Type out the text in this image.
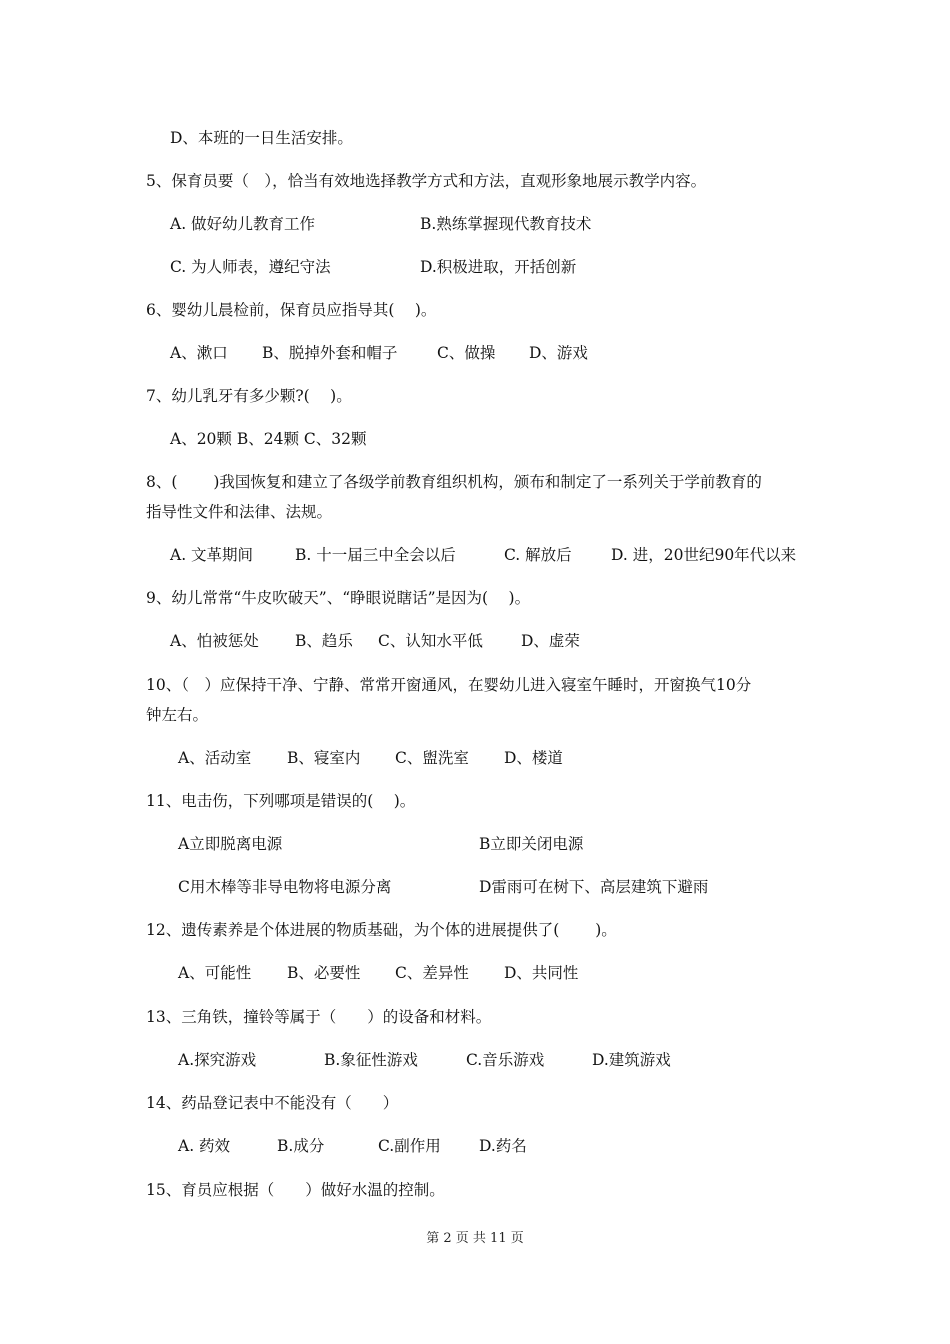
D、本班的一日生活安排。
5、保育员要（　），恰当有效地选择教学方式和方法，直观形象地展示教学内容。
A. 做好幼儿教育工作	B.熟练掌握现代教育技术
C. 为人师表，遵纪守法	D.积极进取，开括创新
6、婴幼儿晨检前，保育员应指导其(　 )。
A、漱口 B、脱掉外套和帽子	C、做操 D、游戏
7、幼儿乳牙有多少颗?(　 )。
A、20颗 B、24颗 C、32颗
8、(　　 )我国恢复和建立了各级学前教育组织机构，颁布和制定了一系列关于学前教育的
指导性文件和法律、法规。
A. 文革期间	B. 十一届三中全会以后	C. 解放后	D. 进，20世纪90年代以来
9、幼儿常常“牛皮吹破天”、“睁眼说瞎话”是因为(　 )。
A、怕被惩处 B、趋乐 C、认知水平低 D、虚荣
10、（　）应保持干净、宁静、常常开窗通风，在婴幼儿进入寝室午睡时，开窗换气10分
钟左右。
A、活动室 B、寝室内 C、盥洗室 D、楼道
11、电击伤，下列哪项是错误的(　 )。
A立即脱离电源	B立即关闭电源
C用木棒等非导电物将电源分离	D雷雨可在树下、高层建筑下避雨
12、遗传素养是个体进展的物质基础，为个体的进展提供了(　　 )。
A、可能性 B、必要性 C、差异性 D、共同性
13、三角铁，撞铃等属于（　　）的设备和材料。
A.探究游戏	B.象征性游戏	C.音乐游戏	D.建筑游戏
14、药品登记表中不能没有（　　）
A. 药效	B.成分	C.副作用 D.药名
15、育员应根据（　　）做好水温的控制。
第 2 页 共 11 页
